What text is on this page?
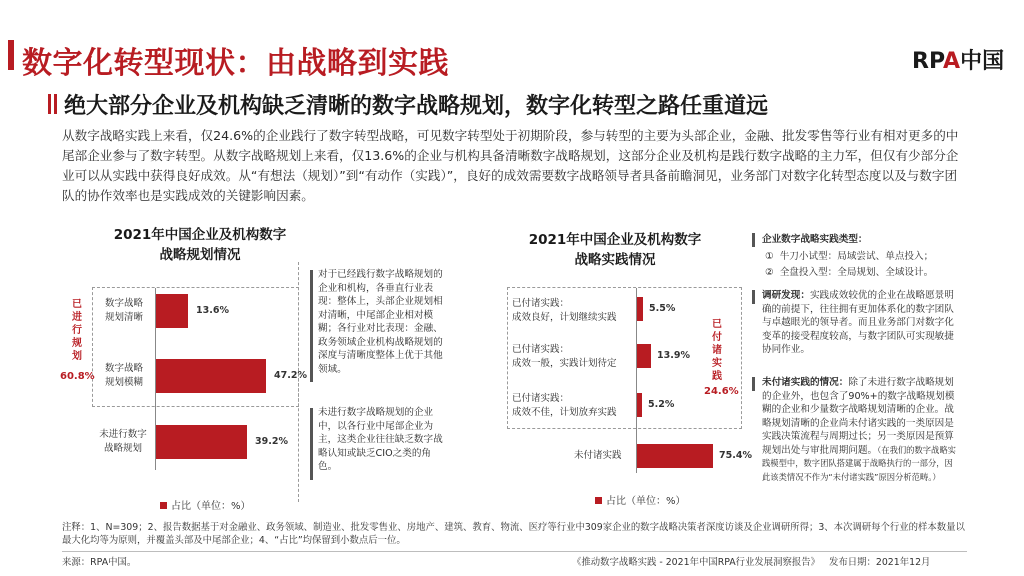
数字化转型现状：由战略到实践	RPA中国
绝大部分企业及机构缺乏清晰的数字战略规划，数字化转型之路任重道远
从数字战略实践上来看，仅24.6%的企业践行了数字转型战略，可见数字转型处于初期阶段，参与转型的主要为头部企业，金融、批发零售等行业有相对更多的中尾部企业参与了数字转型。从数字战略规划上来看，仅13.6%的企业与机构具备清晰数字战略规划，这部分企业及机构是践行数字战略的主力军，但仅有少部分企业可以从实践中获得良好成效。从“有想法（规划）”到“有动作（实践）”，良好的成效需要数字战略领导者具备前瞻洞见，业务部门对数字化转型态度以及与数字团队的协作效率也是实践成效的关键影响因素。
2021年中国企业及机构数字
战略规划情况
已
进
行
规
划
60.8%
数字战略
规划清晰
数字战略
规划模糊
未进行数字
战略规划
13.6%
47.2%
39.2%
占比（单位：%）
对于已经践行数字战略规划的企业和机构，各垂直行业表现：整体上，头部企业规划相对清晰，中尾部企业相对模糊；各行业对比表现：金融、政务领域企业机构战略规划的深度与清晰度整体上优于其他领域。
未进行数字战略规划的企业中，以各行业中尾部企业为主，这类企业往往缺乏数字战略认知或缺乏CIO之类的角色。
2021年中国企业及机构数字
战略实践情况
已
付
诸
实
践
24.6%
已付诸实践：
成效良好，计划继续实践
已付诸实践：
成效一般，实践计划待定
已付诸实践：
成效不佳，计划放弃实践
未付诸实践
5.5%
13.9%
5.2%
75.4%
占比（单位：%）
企业数字战略实践类型：
① 牛刀小试型：局域尝试、单点投入；
② 全盘投入型：全局规划、全域设计。
调研发现：实践成效较优的企业在战略愿景明确的前提下，往往拥有更加体系化的数字团队与卓越眼光的领导者。而且业务部门对数字化变革的接受程度较高，与数字团队可实现敏捷协同作业。
未付诸实践的情况：除了未进行数字战略规划的企业外，也包含了90%+的数字战略规划模糊的企业和少量数字战略规划清晰的企业。战略规划清晰的企业尚未付诸实践的一类原因是实践决策流程与周期过长；另一类原因是预算规划出处与审批周期问题。（在我们的数字战略实践模型中，数字团队搭建属于战略执行的一部分，因此该类情况不作为“未付诸实践”原因分析范畴。）
注释：1、N=309；2、报告数据基于对金融业、政务领域、制造业、批发零售业、房地产、建筑、教育、物流、医疗等行业中309家企业的数字战略决策者深度访谈及企业调研所得；3、本次调研每个行业的样本数量以最大化均等为原则，并覆盖头部及中尾部企业；4、“占比”均保留到小数点后一位。
来源：RPA中国。	《推动数字战略实践 - 2021年中国RPA行业发展洞察报告》   发布日期：2021年12月
